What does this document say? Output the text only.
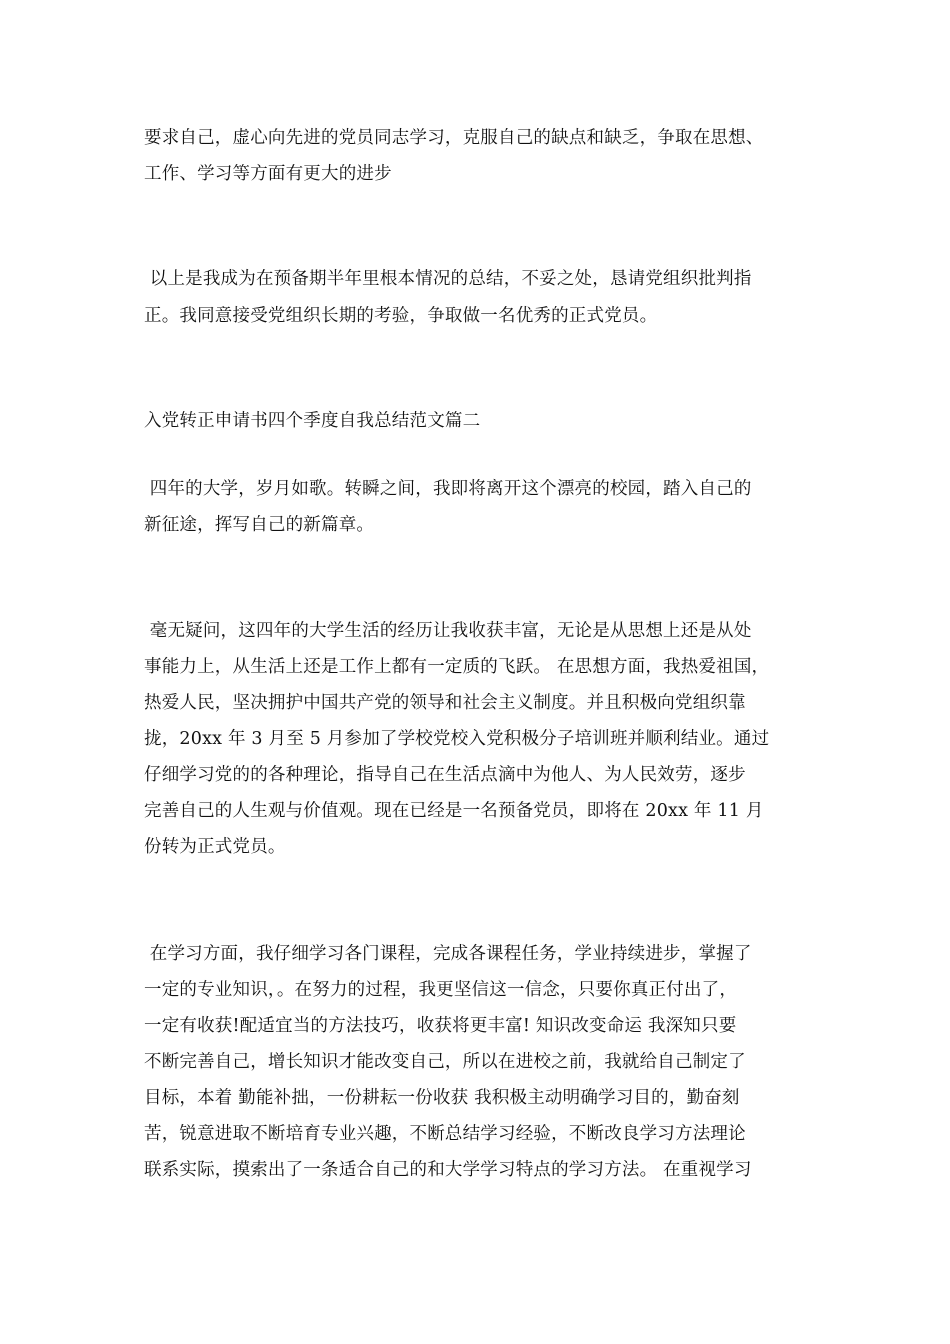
要求自己，虚心向先进的党员同志学习，克服自己的缺点和缺乏，争取在思想、

工作、学习等方面有更大的进步

以上是我成为在预备期半年里根本情况的总结，不妥之处，恳请党组织批判指

正。我同意接受党组织长期的考验，争取做一名优秀的正式党员。

入党转正申请书四个季度自我总结范文篇二

四年的大学，岁月如歌。转瞬之间，我即将离开这个漂亮的校园，踏入自己的

新征途，挥写自己的新篇章。

毫无疑问，这四年的大学生活的经历让我收获丰富，无论是从思想上还是从处

事能力上，从生活上还是工作上都有一定质的飞跃。 在思想方面，我热爱祖国，

热爱人民，坚决拥护中国共产党的领导和社会主义制度。并且积极向党组织靠

拢，20xx 年 3 月至 5 月参加了学校党校入党积极分子培训班并顺利结业。通过

仔细学习党的的各种理论，指导自己在生活点滴中为他人、为人民效劳，逐步

完善自己的人生观与价值观。现在已经是一名预备党员，即将在 20xx 年 11 月

份转为正式党员。

在学习方面，我仔细学习各门课程，完成各课程任务，学业持续进步，掌握了

一定的专业知识，。在努力的过程，我更坚信这一信念，只要你真正付出了，

一定有收获!配适宜当的方法技巧，收获将更丰富! 知识改变命运 我深知只要

不断完善自己，增长知识才能改变自己，所以在进校之前，我就给自己制定了

目标，本着 勤能补拙，一份耕耘一份收获 我积极主动明确学习目的，勤奋刻

苦，锐意进取不断培育专业兴趣，不断总结学习经验，不断改良学习方法理论

联系实际，摸索出了一条适合自己的和大学学习特点的学习方法。 在重视学习
